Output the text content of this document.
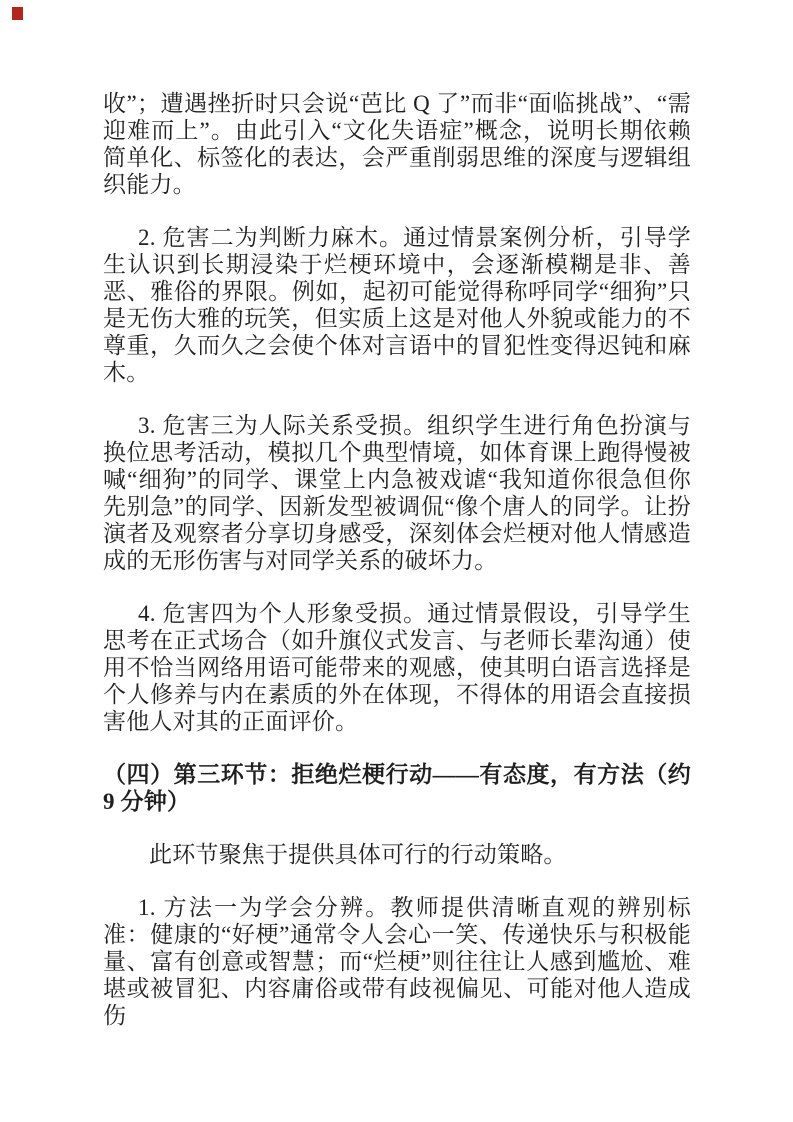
收”；遭遇挫折时只会说“芭比 Q 了”而非“面临挑战”、“需迎难而上”。由此引入“文化失语症”概念，说明长期依赖简单化、标签化的表达，会严重削弱思维的深度与逻辑组织能力。

2. 危害二为判断力麻木。通过情景案例分析，引导学生认识到长期浸染于烂梗环境中，会逐渐模糊是非、善恶、雅俗的界限。例如，起初可能觉得称呼同学“细狗”只是无伤大雅的玩笑，但实质上这是对他人外貌或能力的不尊重，久而久之会使个体对言语中的冒犯性变得迟钝和麻木。

3. 危害三为人际关系受损。组织学生进行角色扮演与换位思考活动，模拟几个典型情境，如体育课上跑得慢被喊“细狗”的同学、课堂上内急被戏谑“我知道你很急但你先别急”的同学、因新发型被调侃“像个唐人的同学。让扮演者及观察者分享切身感受，深刻体会烂梗对他人情感造成的无形伤害与对同学关系的破坏力。

4. 危害四为个人形象受损。通过情景假设，引导学生思考在正式场合（如升旗仪式发言、与老师长辈沟通）使用不恰当网络用语可能带来的观感，使其明白语言选择是个人修养与内在素质的外在体现，不得体的用语会直接损害他人对其的正面评价。

（四）第三环节：拒绝烂梗行动——有态度，有方法（约 9 分钟）

此环节聚焦于提供具体可行的行动策略。

1. 方法一为学会分辨。教师提供清晰直观的辨别标准：健康的“好梗”通常令人会心一笑、传递快乐与积极能量、富有创意或智慧；而“烂梗”则往往让人感到尴尬、难堪或被冒犯、内容庸俗或带有歧视偏见、可能对他人造成伤
